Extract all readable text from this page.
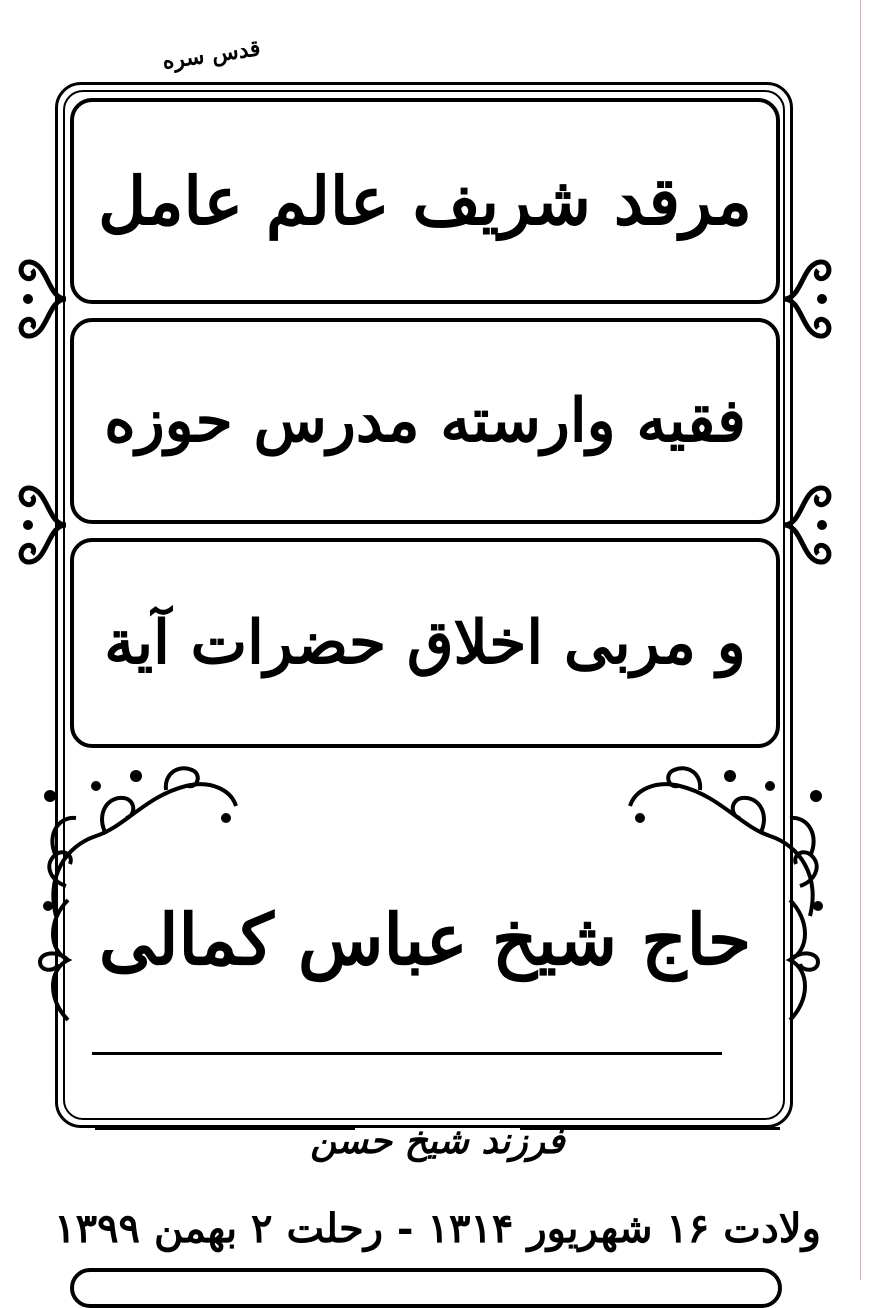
مرقد شریف عالم عامل
فقیه وارسته مدرس حوزه
و مربی اخلاق حضرات آیة
حاج شیخ عباس کمالی
قدس سره
فرزند شیخ حسن
ولادت ۱۶ شهریور ۱۳۱۴ - رحلت ۲ بهمن ۱۳۹۹
